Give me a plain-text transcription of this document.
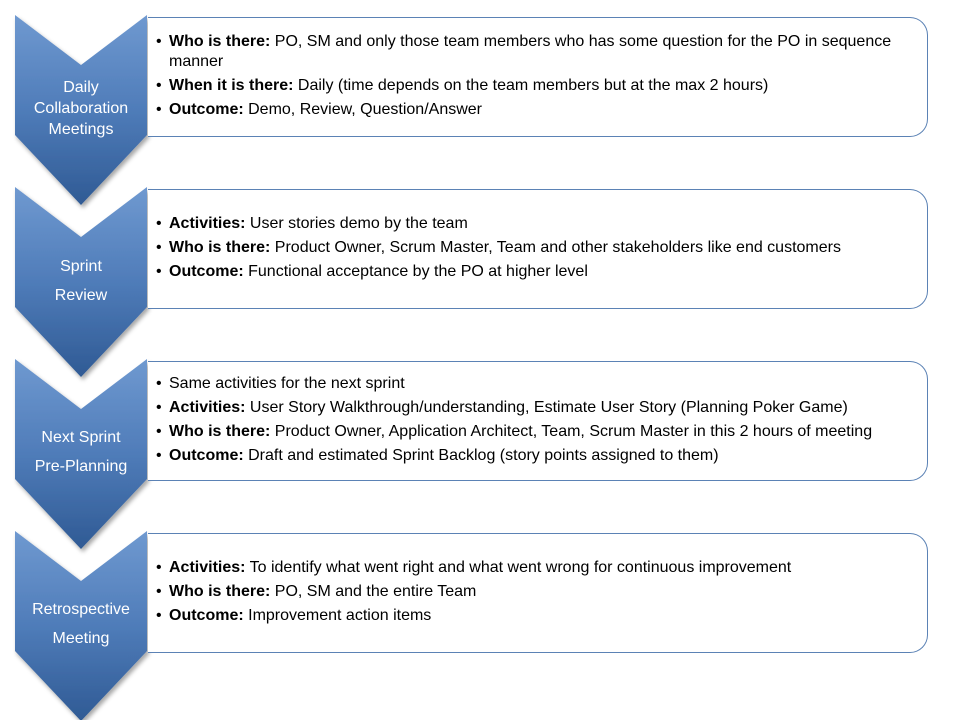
Daily
Collaboration
Meetings
• Who is there: PO, SM and only those team members who has some question for the PO in sequence manner
• When it is there: Daily (time depends on the team members but at the max 2 hours)
• Outcome: Demo, Review, Question/Answer
Sprint
Review
• Activities: User stories demo by the team
• Who is there: Product Owner, Scrum Master, Team and other stakeholders like end customers
• Outcome: Functional acceptance by the PO at higher level
Next Sprint
Pre-Planning
• Same activities for the next sprint
• Activities: User Story Walkthrough/understanding, Estimate User Story (Planning Poker Game)
• Who is there: Product Owner, Application Architect, Team, Scrum Master in this 2 hours of meeting
• Outcome: Draft and estimated Sprint Backlog (story points assigned to them)
Retrospective
Meeting
• Activities: To identify what went right and what went wrong for continuous improvement
• Who is there: PO, SM and the entire Team
• Outcome: Improvement action items
